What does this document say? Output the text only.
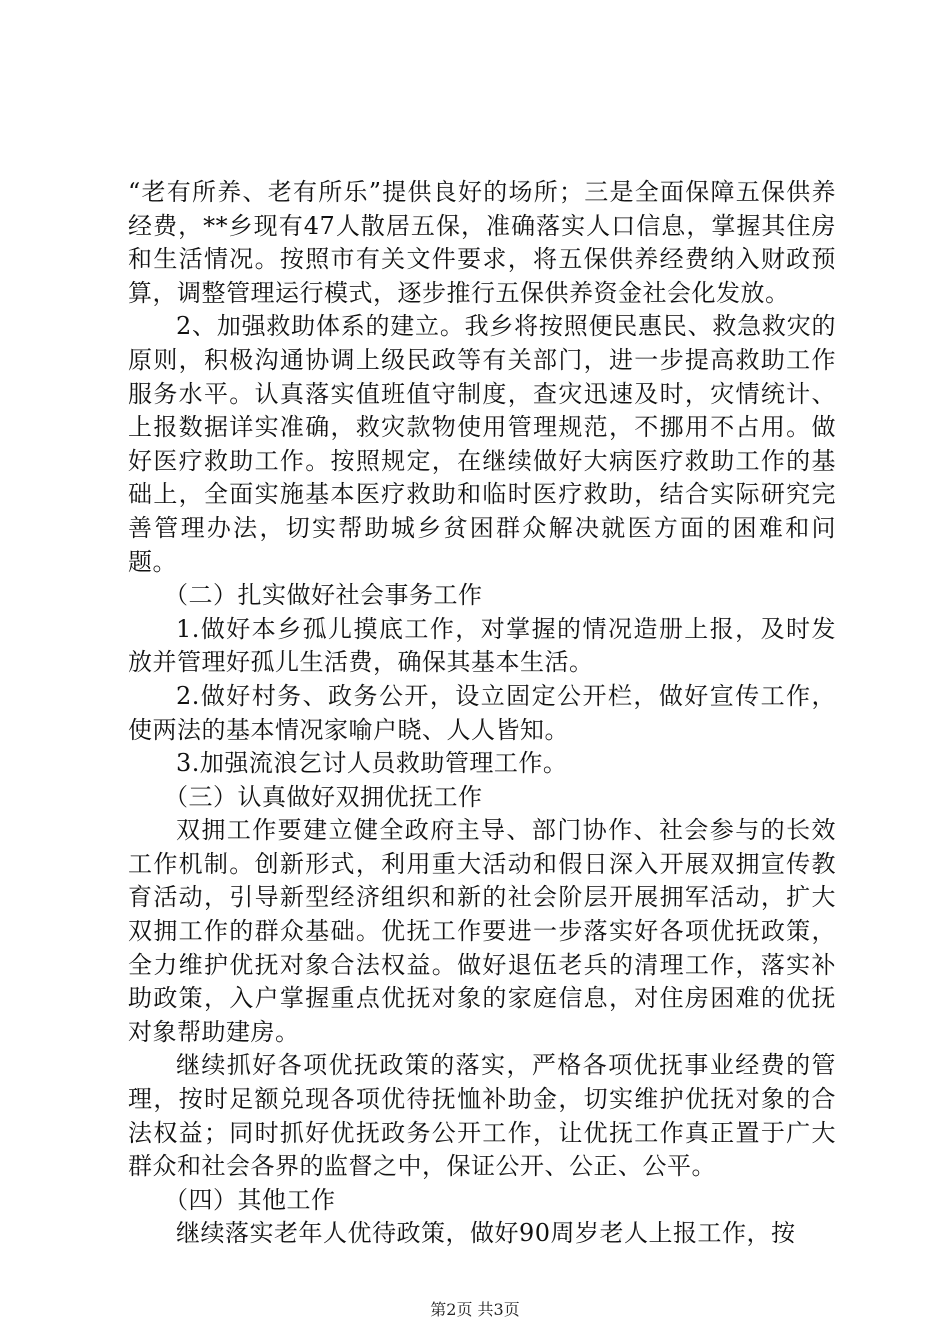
“老有所养、老有所乐”提供良好的场所；三是全面保障五保供养经费，**乡现有47人散居五保，准确落实人口信息，掌握其住房和生活情况。按照市有关文件要求，将五保供养经费纳入财政预算，调整管理运行模式，逐步推行五保供养资金社会化发放。

2、加强救助体系的建立。我乡将按照便民惠民、救急救灾的原则，积极沟通协调上级民政等有关部门，进一步提高救助工作服务水平。认真落实值班值守制度，查灾迅速及时，灾情统计、上报数据详实准确，救灾款物使用管理规范，不挪用不占用。做好医疗救助工作。按照规定，在继续做好大病医疗救助工作的基础上，全面实施基本医疗救助和临时医疗救助，结合实际研究完善管理办法，切实帮助城乡贫困群众解决就医方面的困难和问题。

（二）扎实做好社会事务工作

1.做好本乡孤儿摸底工作，对掌握的情况造册上报，及时发放并管理好孤儿生活费，确保其基本生活。

2.做好村务、政务公开，设立固定公开栏，做好宣传工作，使两法的基本情况家喻户晓、人人皆知。

3.加强流浪乞讨人员救助管理工作。

（三）认真做好双拥优抚工作

双拥工作要建立健全政府主导、部门协作、社会参与的长效工作机制。创新形式，利用重大活动和假日深入开展双拥宣传教育活动，引导新型经济组织和新的社会阶层开展拥军活动，扩大双拥工作的群众基础。优抚工作要进一步落实好各项优抚政策，全力维护优抚对象合法权益。做好退伍老兵的清理工作，落实补助政策，入户掌握重点优抚对象的家庭信息，对住房困难的优抚对象帮助建房。

继续抓好各项优抚政策的落实，严格各项优抚事业经费的管理，按时足额兑现各项优待抚恤补助金，切实维护优抚对象的合法权益；同时抓好优抚政务公开工作，让优抚工作真正置于广大群众和社会各界的监督之中，保证公开、公正、公平。

（四）其他工作

继续落实老年人优待政策，做好90周岁老人上报工作，按

第2页 共3页
